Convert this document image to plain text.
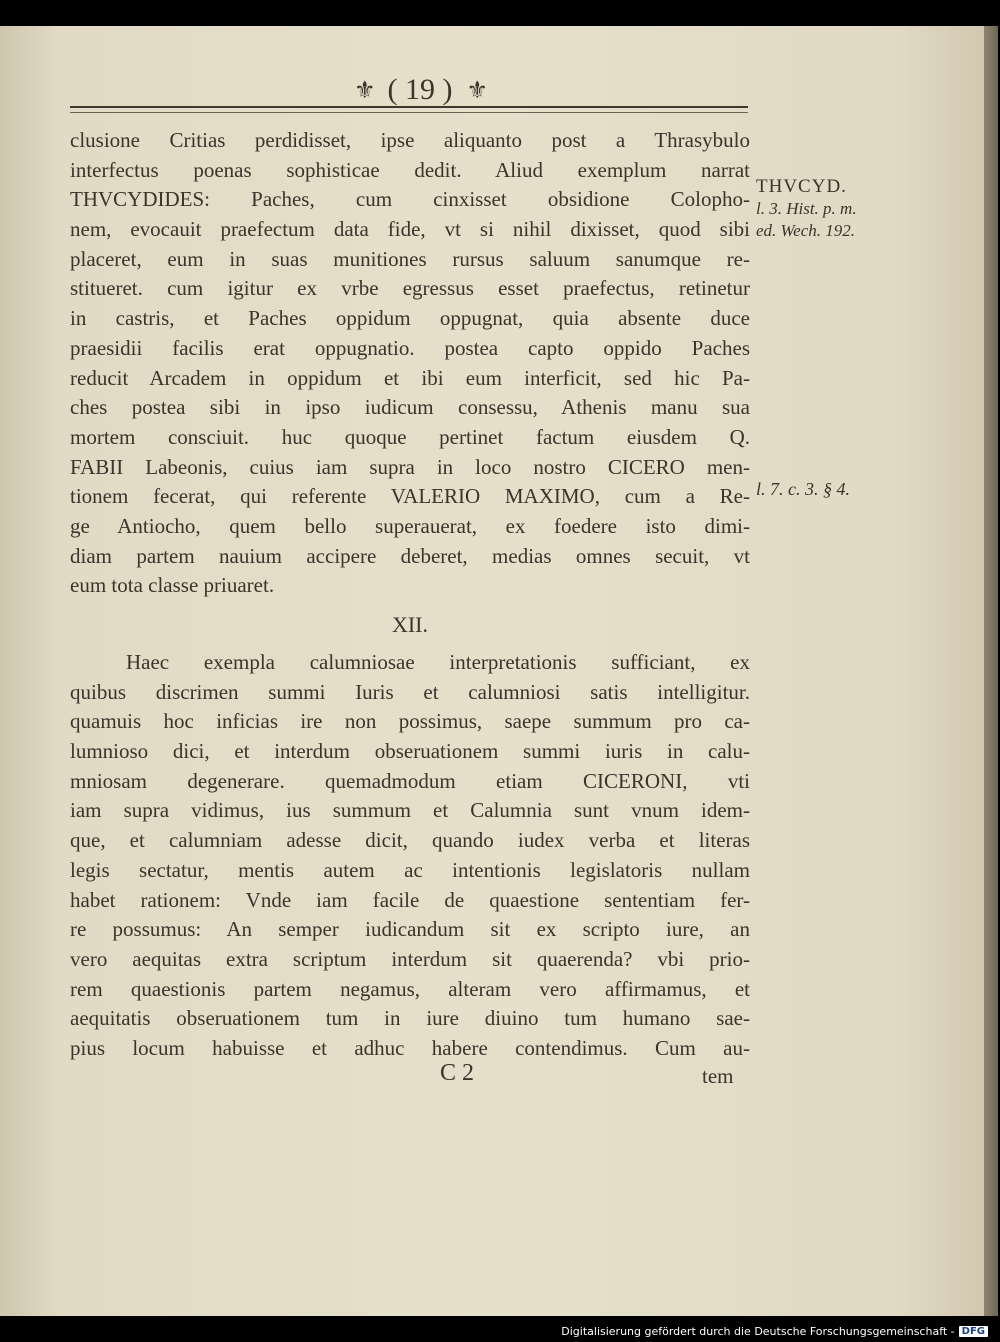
⚜ ( 19 ) ⚜
clusione Critias perdidisset, ipse aliquanto post a Thrasybulo
interfectus poenas sophisticae dedit. Aliud exemplum narrat
THVCYDIDES: Paches, cum cinxisset obsidione Colopho-
nem, evocauit praefectum data fide, vt si nihil dixisset, quod sibi
placeret, eum in suas munitiones rursus saluum sanumque re-
stitueret. cum igitur ex vrbe egressus esset praefectus, retinetur
in castris, et Paches oppidum oppugnat, quia absente duce
praesidii facilis erat oppugnatio. postea capto oppido Paches
reducit Arcadem in oppidum et ibi eum interficit, sed hic Pa-
ches postea sibi in ipso iudicum consessu, Athenis manu sua
mortem consciuit. huc quoque pertinet factum eiusdem Q.
FABII Labeonis, cuius iam supra in loco nostro CICERO men-
tionem fecerat, qui referente VALERIO MAXIMO, cum a Re-
ge Antiocho, quem bello superauerat, ex foedere isto dimi-
diam partem nauium accipere deberet, medias omnes secuit, vt
eum tota classe priuaret.
THVCYD.
l. 3. Hist. p. m.
ed. Wech. 192.
l. 7. c. 3. § 4.
XII.
Haec exempla calumniosae interpretationis sufficiant, ex
quibus discrimen summi Iuris et calumniosi satis intelligitur.
quamuis hoc inficias ire non possimus, saepe summum pro ca-
lumnioso dici, et interdum obseruationem summi iuris in calu-
mniosam degenerare. quemadmodum etiam CICERONI, vti
iam supra vidimus, ius summum et Calumnia sunt vnum idem-
que, et calumniam adesse dicit, quando iudex verba et literas
legis sectatur, mentis autem ac intentionis legislatoris nullam
habet rationem: Vnde iam facile de quaestione sententiam fer-
re possumus: An semper iudicandum sit ex scripto iure, an
vero aequitas extra scriptum interdum sit quaerenda? vbi prio-
rem quaestionis partem negamus, alteram vero affirmamus, et
aequitatis obseruationem tum in iure diuino tum humano sae-
pius locum habuisse et adhuc habere contendimus. Cum au-
C 2	tem
Digitalisierung gefördert durch die Deutsche Forschungsgemeinschaft - DFG
